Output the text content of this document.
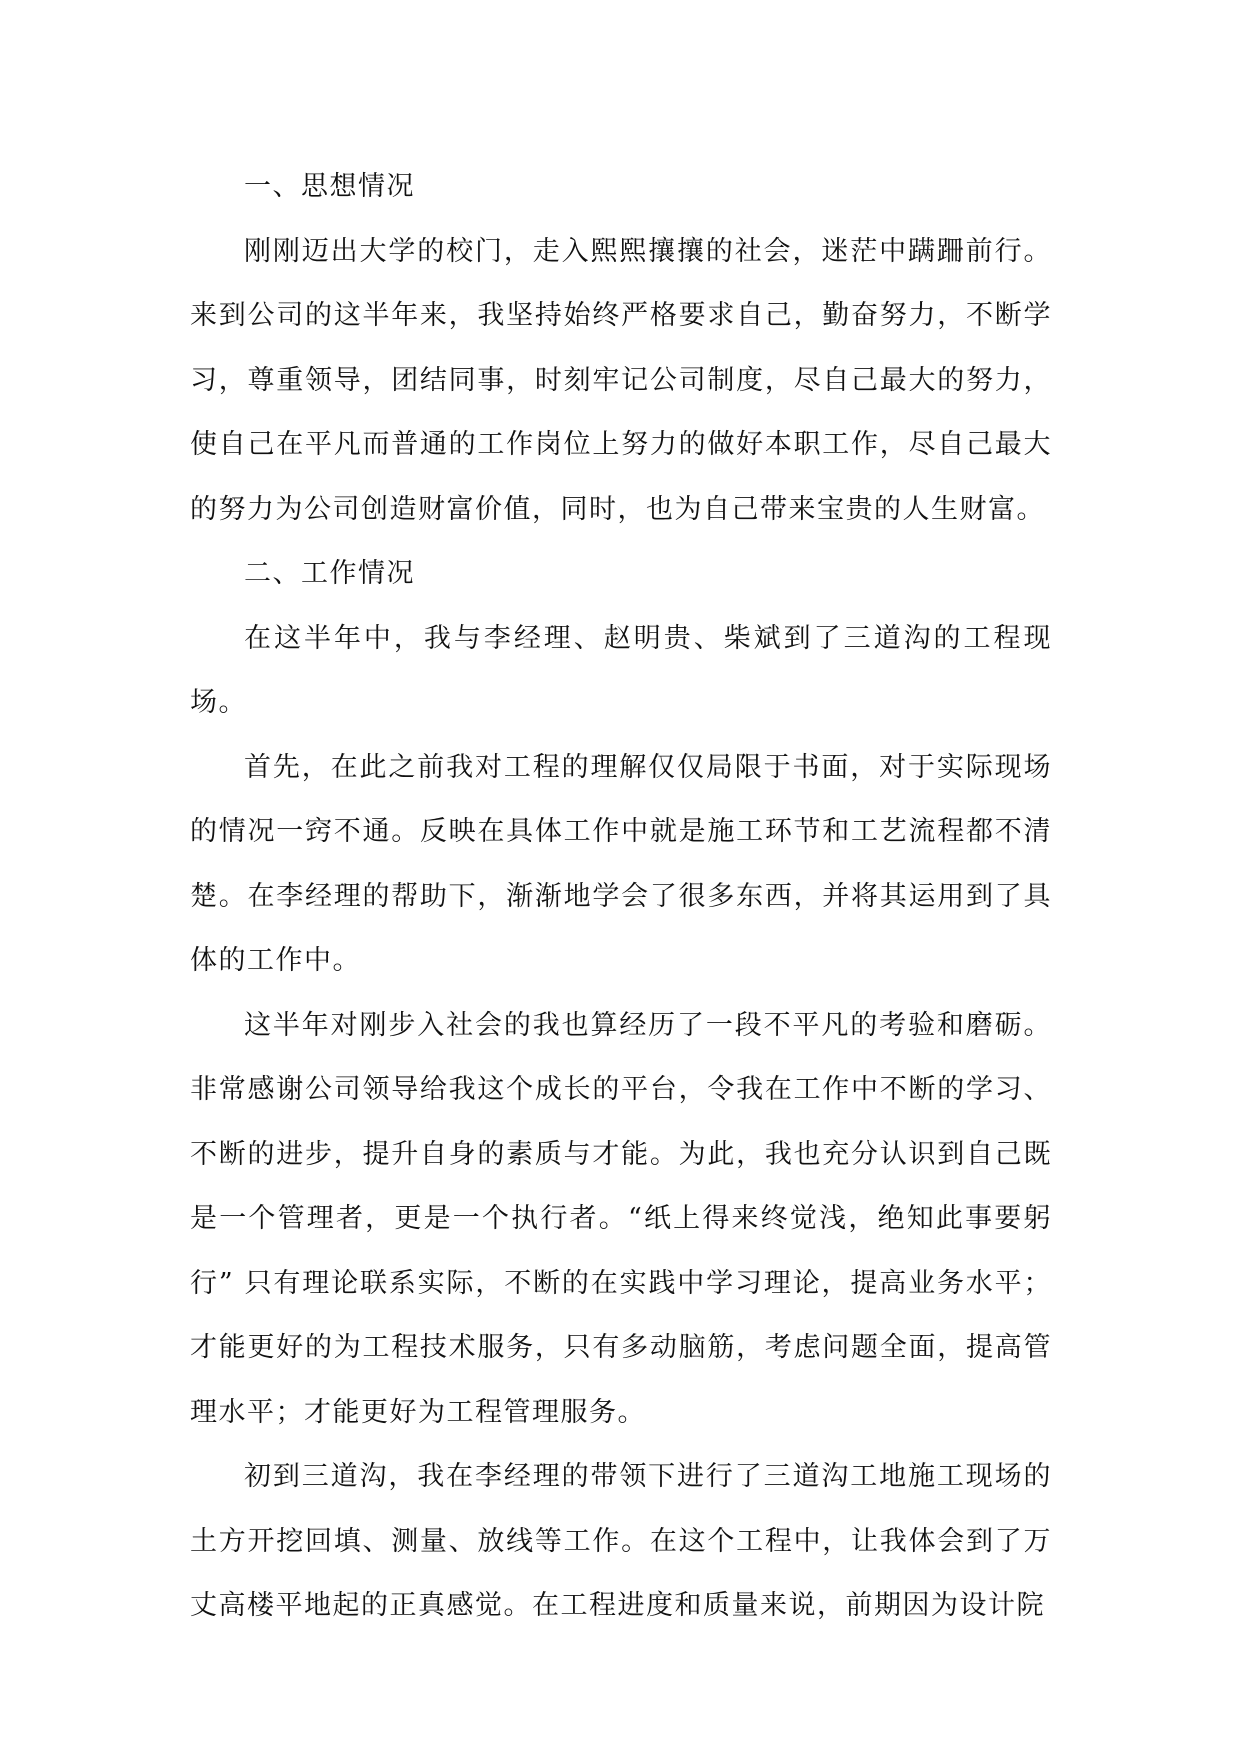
一、思想情况

刚刚迈出大学的校门，走入熙熙攘攘的社会，迷茫中蹒跚前行。来到公司的这半年来，我坚持始终严格要求自己，勤奋努力，不断学习，尊重领导，团结同事，时刻牢记公司制度，尽自己最大的努力，使自己在平凡而普通的工作岗位上努力的做好本职工作，尽自己最大的努力为公司创造财富价值，同时，也为自己带来宝贵的人生财富。

二、工作情况

在这半年中，我与李经理、赵明贵、柴斌到了三道沟的工程现场。

首先，在此之前我对工程的理解仅仅局限于书面，对于实际现场的情况一窍不通。反映在具体工作中就是施工环节和工艺流程都不清楚。在李经理的帮助下，渐渐地学会了很多东西，并将其运用到了具体的工作中。

这半年对刚步入社会的我也算经历了一段不平凡的考验和磨砺。非常感谢公司领导给我这个成长的平台，令我在工作中不断的学习、不断的进步，提升自身的素质与才能。为此，我也充分认识到自己既是一个管理者，更是一个执行者。“纸上得来终觉浅，绝知此事要躬行” 只有理论联系实际，不断的在实践中学习理论，提高业务水平；才能更好的为工程技术服务，只有多动脑筋，考虑问题全面，提高管理水平；才能更好为工程管理服务。

初到三道沟，我在李经理的带领下进行了三道沟工地施工现场的土方开挖回填、测量、放线等工作。在这个工程中，让我体会到了万丈高楼平地起的正真感觉。在工程进度和质量来说，前期因为设计院
